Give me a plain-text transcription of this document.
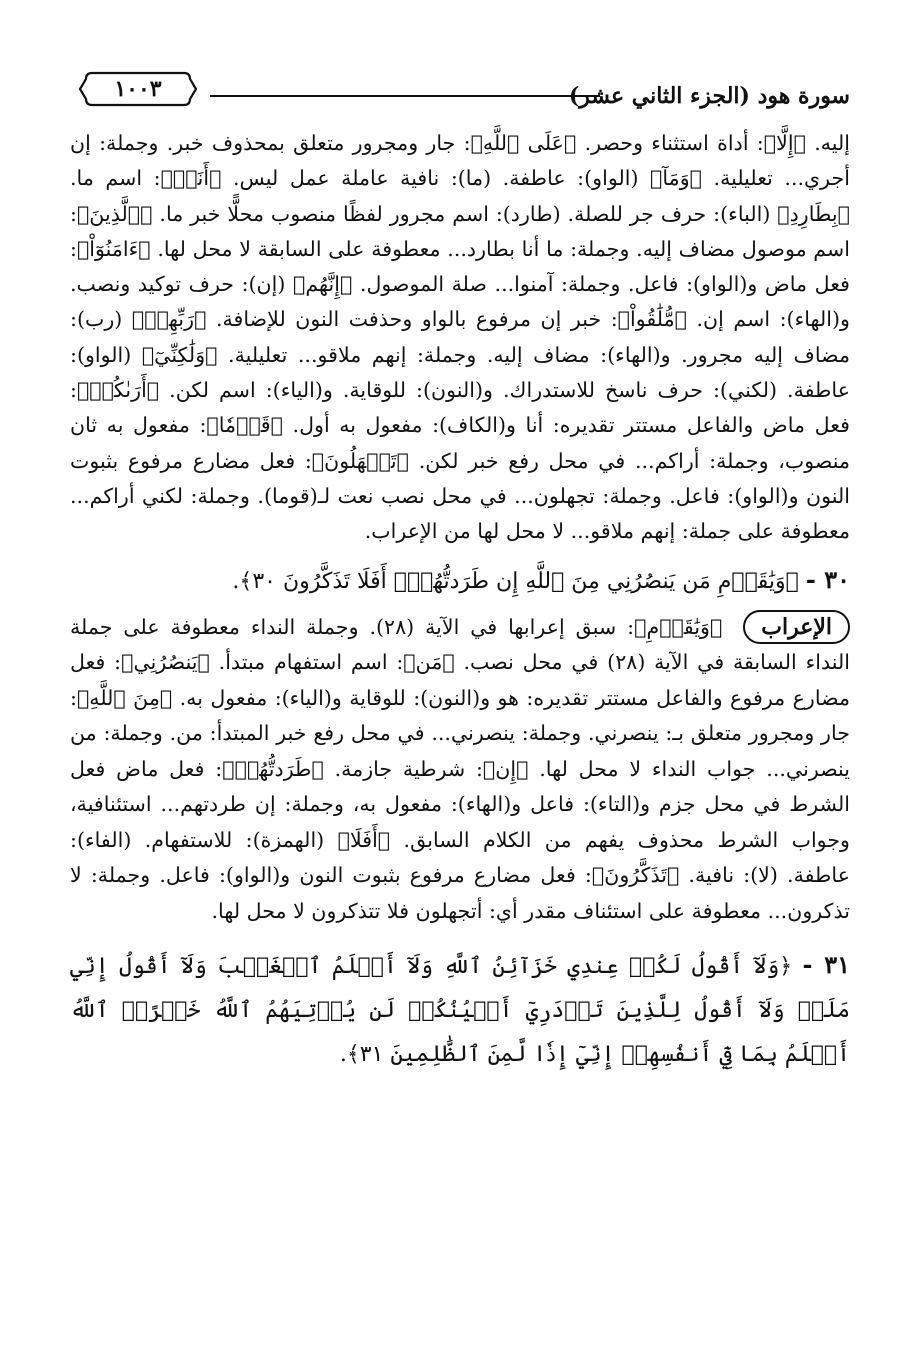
سورة هود (الجزء الثاني عشر)
١٠٠٣

إليه. ﴿إِلَّا﴾: أداة استثناء وحصر. ﴿عَلَى ٱللَّهِ﴾: جار ومجرور متعلق بمحذوف خبر. وجملة: إن أجري... تعليلية. ﴿وَمَآ﴾ (الواو): عاطفة. (ما): نافية عاملة عمل ليس. ﴿أَنَا۠﴾: اسم ما. ﴿بِطَارِدِ﴾ (الباء): حرف جر للصلة. (طارد): اسم مجرور لفظًا منصوب محلًّا خبر ما. ﴿ٱلَّذِينَ﴾: اسم موصول مضاف إليه. وجملة: ما أنا بطارد... معطوفة على السابقة لا محل لها. ﴿ءَامَنُوٓاْ﴾: فعل ماض و(الواو): فاعل. وجملة: آمنوا... صلة الموصول. ﴿إِنَّهُم﴾ (إن): حرف توكيد ونصب. و(الهاء): اسم إن. ﴿مُّلَٰقُواْ﴾: خبر إن مرفوع بالواو وحذفت النون للإضافة. ﴿رَبِّهِمۡ﴾ (رب): مضاف إليه مجرور. و(الهاء): مضاف إليه. وجملة: إنهم ملاقو... تعليلية. ﴿وَلَٰكِنِّيٓ﴾ (الواو): عاطفة. (لكني): حرف ناسخ للاستدراك. و(النون): للوقاية. و(الياء): اسم لكن. ﴿أَرَىٰكُمۡ﴾: فعل ماض والفاعل مستتر تقديره: أنا و(الكاف): مفعول به أول. ﴿قَوۡمٗا﴾: مفعول به ثان منصوب، وجملة: أراكم... في محل رفع خبر لكن. ﴿تَجۡهَلُونَ﴾: فعل مضارع مرفوع بثبوت النون و(الواو): فاعل. وجملة: تجهلون... في محل نصب نعت لـ(قوما). وجملة: لكني أراكم... معطوفة على جملة: إنهم ملاقو... لا محل لها من الإعراب.

٣٠ - ﴿وَيَٰقَوۡمِ مَن يَنصُرُنِي مِنَ ٱللَّهِ إِن طَرَدتُّهُمۡۚ أَفَلَا تَذَكَّرُونَ ٣٠﴾.
الإعراب ﴿وَيَٰقَوۡمِ﴾: سبق إعرابها في الآية (٢٨). وجملة النداء معطوفة على جملة النداء السابقة في الآية (٢٨) في محل نصب. ﴿مَن﴾: اسم استفهام مبتدأ. ﴿يَنصُرُنِي﴾: فعل مضارع مرفوع والفاعل مستتر تقديره: هو و(النون): للوقاية و(الياء): مفعول به. ﴿مِنَ ٱللَّهِ﴾: جار ومجرور متعلق بـ: ينصرني. وجملة: ينصرني... في محل رفع خبر المبتدأ: من. وجملة: من ينصرني... جواب النداء لا محل لها. ﴿إِن﴾: شرطية جازمة. ﴿طَرَدتُّهُمۡ﴾: فعل ماض فعل الشرط في محل جزم و(التاء): فاعل و(الهاء): مفعول به، وجملة: إن طردتهم... استئنافية، وجواب الشرط محذوف يفهم من الكلام السابق. ﴿أَفَلَا﴾ (الهمزة): للاستفهام. (الفاء): عاطفة. (لا): نافية. ﴿تَذَكَّرُونَ﴾: فعل مضارع مرفوع بثبوت النون و(الواو): فاعل. وجملة: لا تذكرون... معطوفة على استئناف مقدر أي: أتجهلون فلا تتذكرون لا محل لها.
٣١ - ﴿وَلَآ أَقُولُ لَكُمۡ عِندِي خَزَآئِنُ ٱللَّهِ وَلَآ أَعۡلَمُ ٱلۡغَيۡبَ وَلَآ أَقُولُ إِنِّي مَلَكٞ وَلَآ أَقُولُ لِلَّذِينَ تَزۡدَرِيٓ أَعۡيُنُكُمۡ لَن يُؤۡتِيَهُمُ ٱللَّهُ خَيۡرًاۖ ٱللَّهُ أَعۡلَمُ بِمَا فِيٓ أَنفُسِهِمۡ إِنِّيٓ إِذٗا لَّمِنَ ٱلظَّٰلِمِينَ ٣١﴾.
